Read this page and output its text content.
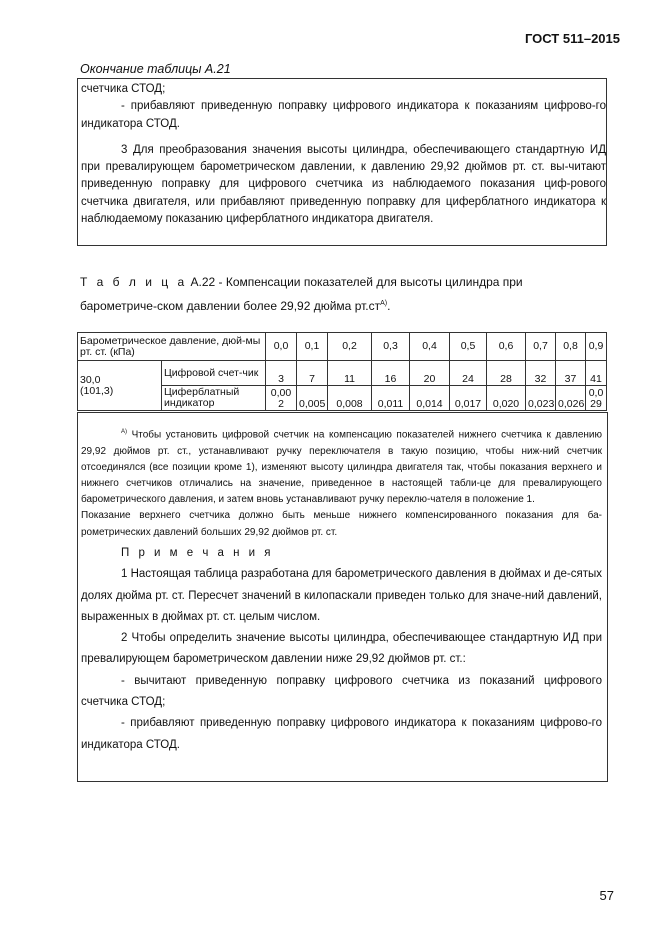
ГОСТ 511–2015
Окончание таблицы А.21

счетчика СТОД;

- прибавляют приведенную поправку цифрового индикатора к показаниям цифрово-го индикатора СТОД.

3 Для преобразования значения высоты цилиндра, обеспечивающего стандартную ИД при превалирующем барометрическом давлении, к давлению 29,92 дюймов рт. ст. вы-читают приведенную поправку для цифрового счетчика из наблюдаемого показания циф-рового счетчика двигателя, или прибавляют приведенную поправку для циферблатного индикатора к наблюдаемому показанию циферблатного индикатора двигателя.

Т а б л и ц а А.22 - Компенсации показателей для высоты цилиндра при барометриче-ском давлении более 29,92 дюйма $рт.ст^{А)}$.
Барометрическое давление, дюй-мы рт. ст. (кПа)		0,0	0,1	0,2	0,3	0,4	0,5	0,6	0,7	0,8	0,9

30,0
(101,3)	Цифровой счет-чик	3	7	11	16	20	24	28	32	37	41
	Циферблатный индикатор	0,00 2	0,005	0,008	0,011	0,014	0,017	0,020	0,023	0,026	0,0 29

$^{А)}$ Чтобы установить цифровой счетчик на компенсацию показателей нижнего счетчика к давлению 29,92 дюймов рт. ст., устанавливают ручку переключателя в такую позицию, чтобы ниж-ний счетчик отсоединялся (все позиции кроме 1), изменяют высоту цилиндра двигателя так, чтобы показания верхнего и нижнего счетчиков отличались на значение, приведенное в настоящей табли-це для превалирующего барометрического давления, и затем вновь устанавливают ручку переклю-чателя в положение 1.

Показание верхнего счетчика должно быть меньше нижнего компенсированного показания для ба-рометрических давлений больших 29,92 дюймов рт. ст.

П р и м е ч а н и я

1 Настоящая таблица разработана для барометрического давления в дюймах и де-сятых долях дюйма рт. ст. Пересчет значений в килопаскали приведен только для значе-ний давлений, выраженных в дюймах рт. ст. целым числом.

2 Чтобы определить значение высоты цилиндра, обеспечивающее стандартную ИД при превалирующем барометрическом давлении ниже 29,92 дюймов рт. ст.:

- вычитают приведенную поправку цифрового счетчика из показаний цифрового счетчика СТОД;

- прибавляют приведенную поправку цифрового индикатора к показаниям цифрово-го индикатора СТОД.

57
